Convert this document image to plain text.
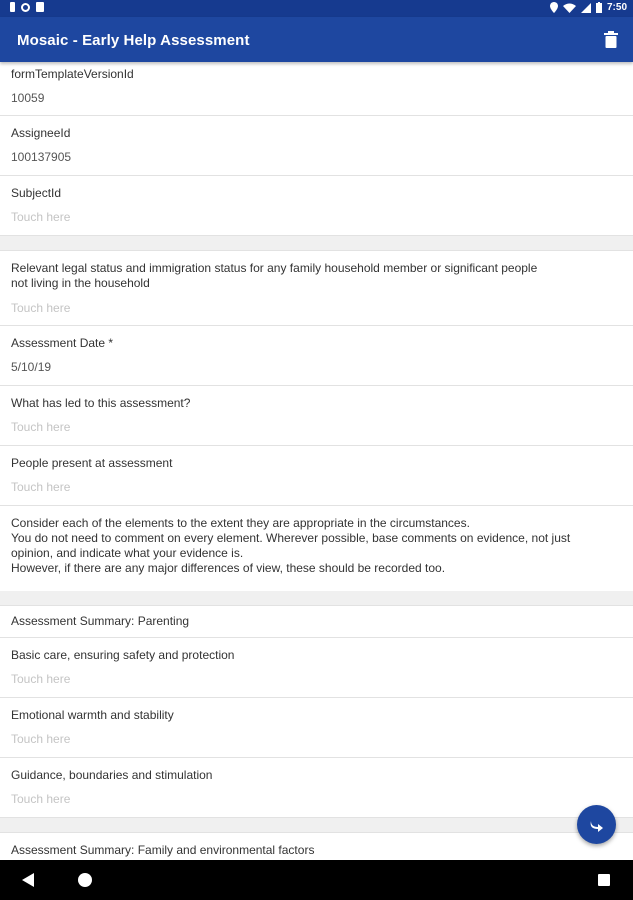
7:50
Mosaic - Early Help Assessment
formTemplateVersionId
10059
AssigneeId
100137905
SubjectId
Touch here
Relevant legal status and immigration status for any family household member or significant people not living in the household
Touch here
Assessment Date *
5/10/19
What has led to this assessment?
Touch here
People present at assessment
Touch here
Consider each of the elements to the extent they are appropriate in the circumstances.
You do not need to comment on every element. Wherever possible, base comments on evidence, not just opinion, and indicate what your evidence is.
However, if there are any major differences of view, these should be recorded too.
Assessment Summary: Parenting
Basic care, ensuring safety and protection
Touch here
Emotional warmth and stability
Touch here
Guidance, boundaries and stimulation
Touch here
Assessment Summary: Family and environmental factors
